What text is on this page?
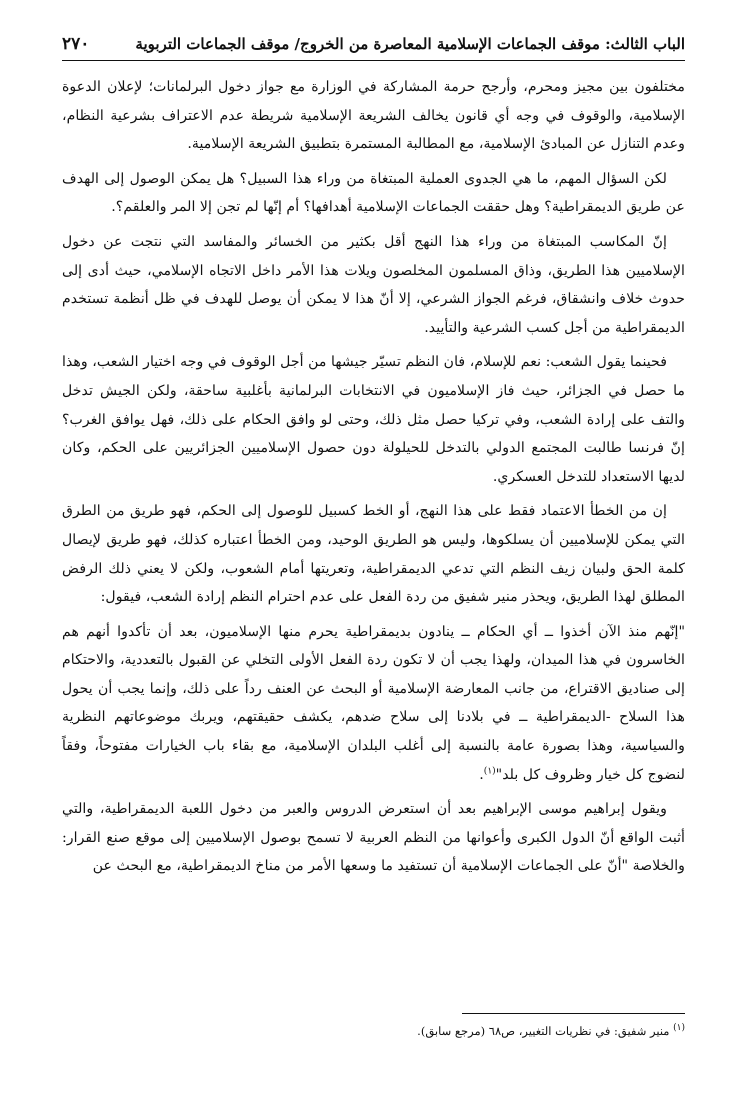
الباب الثالث: موقف الجماعات الإسلامية المعاصرة من الخروج/ موقف الجماعات التربوية
٢٧٠

مختلفون بين مجيز ومحرم، وأرجح حرمة المشاركة في الوزارة مع جواز دخول البرلمانات؛ لإعلان الدعوة الإسلامية، والوقوف في وجه أي قانون يخالف الشريعة الإسلامية شريطة عدم الاعتراف بشرعية النظام، وعدم التنازل عن المبادئ الإسلامية، مع المطالبة المستمرة بتطبيق الشريعة الإسلامية.

لكن السؤال المهم، ما هي الجدوى العملية المبتغاة من وراء هذا السبيل؟ هل يمكن الوصول إلى الهدف عن طريق الديمقراطية؟ وهل حققت الجماعات الإسلامية أهدافها؟ أم إنّها لم تجن إلا المر والعلقم؟.

إنّ المكاسب المبتغاة من وراء هذا النهج أقل بكثير من الخسائر والمفاسد التي نتجت عن دخول الإسلاميين هذا الطريق، وذاق المسلمون المخلصون ويلات هذا الأمر داخل الاتجاه الإسلامي، حيث أدى إلى حدوث خلاف وانشقاق، فرغم الجواز الشرعي، إلا أنّ هذا لا يمكن أن يوصل للهدف في ظل أنظمة تستخدم الديمقراطية من أجل كسب الشرعية والتأييد.

فحينما يقول الشعب: نعم للإسلام، فان النظم تسيّر جيشها من أجل الوقوف في وجه اختيار الشعب، وهذا ما حصل في الجزائر، حيث فاز الإسلاميون في الانتخابات البرلمانية بأغلبية ساحقة، ولكن الجيش تدخل والتف على إرادة الشعب، وفي تركيا حصل مثل ذلك، وحتى لو وافق الحكام على ذلك، فهل يوافق الغرب؟ إنّ فرنسا طالبت المجتمع الدولي بالتدخل للحيلولة دون حصول الإسلاميين الجزائريين على الحكم، وكان لديها الاستعداد للتدخل العسكري.

إن من الخطأ الاعتماد فقط على هذا النهج، أو الخط كسبيل للوصول إلى الحكم، فهو طريق من الطرق التي يمكن للإسلاميين أن يسلكوها، وليس هو الطريق الوحيد، ومن الخطأ اعتباره كذلك، فهو طريق لإيصال كلمة الحق ولبيان زيف النظم التي تدعي الديمقراطية، وتعريتها أمام الشعوب، ولكن لا يعني ذلك الرفض المطلق لهذا الطريق، ويحذر منير شفيق من ردة الفعل على عدم احترام النظم إرادة الشعب، فيقول:

"إنّهم منذ الآن أخذوا ــ أي الحكام ــ ينادون بديمقراطية يحرم منها الإسلاميون، بعد أن تأكدوا أنهم هم الخاسرون في هذا الميدان، ولهذا يجب أن لا تكون ردة الفعل الأولى التخلي عن القبول بالتعددية، والاحتكام إلى صناديق الاقتراع، من جانب المعارضة الإسلامية أو البحث عن العنف رداً على ذلك، وإنما يجب أن يحول هذا السلاح -الديمقراطية ــ في بلادنا إلى سلاح ضدهم، يكشف حقيقتهم، ويربك موضوعاتهم النظرية والسياسية، وهذا بصورة عامة بالنسبة إلى أغلب البلدان الإسلامية، مع بقاء باب الخيارات مفتوحاً، وفقاً لنضوج كل خيار وظروف كل بلد"$^{(١)}$.

ويقول إبراهيم موسى الإبراهيم بعد أن استعرض الدروس والعبر من دخول اللعبة الديمقراطية، والتي أثبت الواقع أنّ الدول الكبرى وأعوانها من النظم العربية لا تسمح بوصول الإسلاميين إلى موقع صنع القرار: والخلاصة "أنّ على الجماعات الإسلامية أن تستفيد ما وسعها الأمر من مناخ الديمقراطية، مع البحث عن

$^{(١)}$ منير شفيق: في نظريات التغيير، ص٦٨ (مرجع سابق).
